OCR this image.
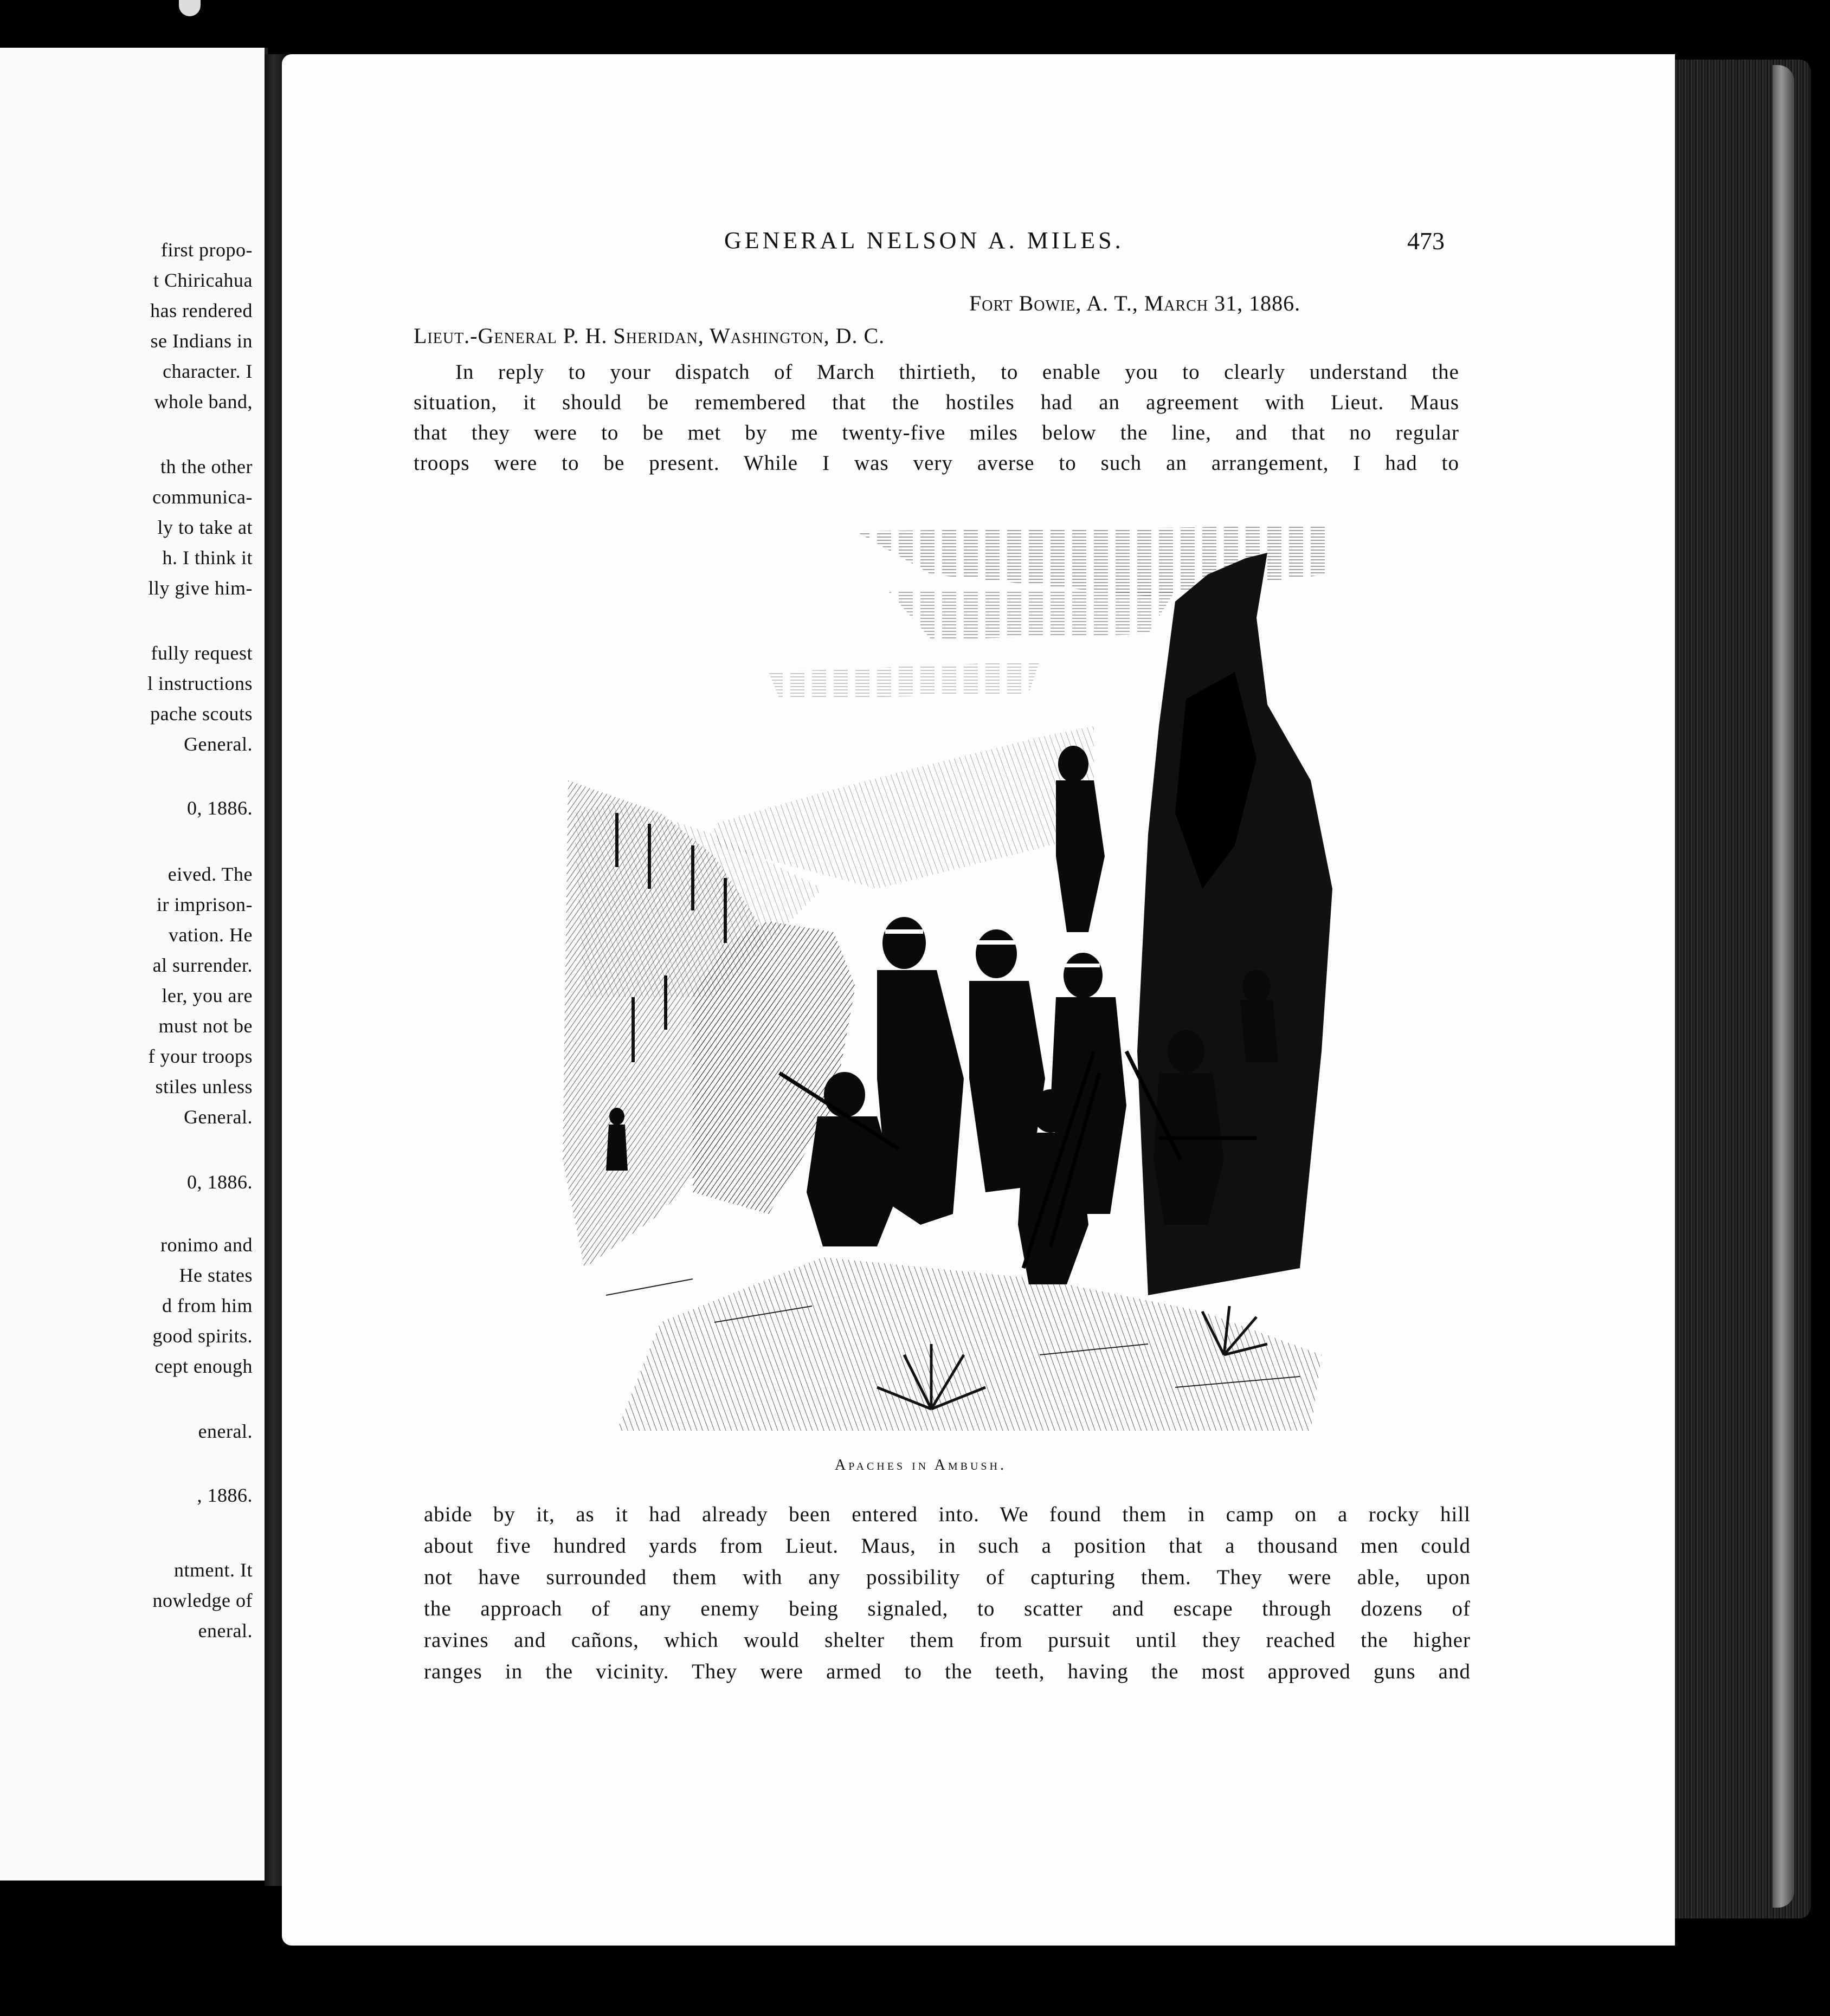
first propo-
t Chiricahua
has rendered
se Indians in
character. I
whole band,
th the other
communica-
ly to take at
h. I think it
lly give him-
fully request
l instructions
pache scouts
General.
0, 1886.
eived. The
ir imprison-
vation. He
al surrender.
ler, you are
must not be
f your troops
stiles unless
General.
0, 1886.
ronimo and
He states
d from him
good spirits.
cept enough
eneral.
, 1886.
ntment. It
nowledge of
eneral.
GENERAL NELSON A. MILES.	473
Fort Bowie, A. T., March 31, 1886.
Lieut.-General P. H. Sheridan, Washington, D. C.
In reply to your dispatch of March thirtieth, to enable you to clearly understand the
situation, it should be remembered that the hostiles had an agreement with Lieut. Maus
that they were to be met by me twenty-five miles below the line, and that no regular
troops were to be present. While I was very averse to such an arrangement, I had to
Apaches in Ambush.
abide by it, as it had already been entered into. We found them in camp on a rocky hill
about five hundred yards from Lieut. Maus, in such a position that a thousand men could
not have surrounded them with any possibility of capturing them. They were able, upon
the approach of any enemy being signaled, to scatter and escape through dozens of
ravines and cañons, which would shelter them from pursuit until they reached the higher
ranges in the vicinity. They were armed to the teeth, having the most approved guns and
